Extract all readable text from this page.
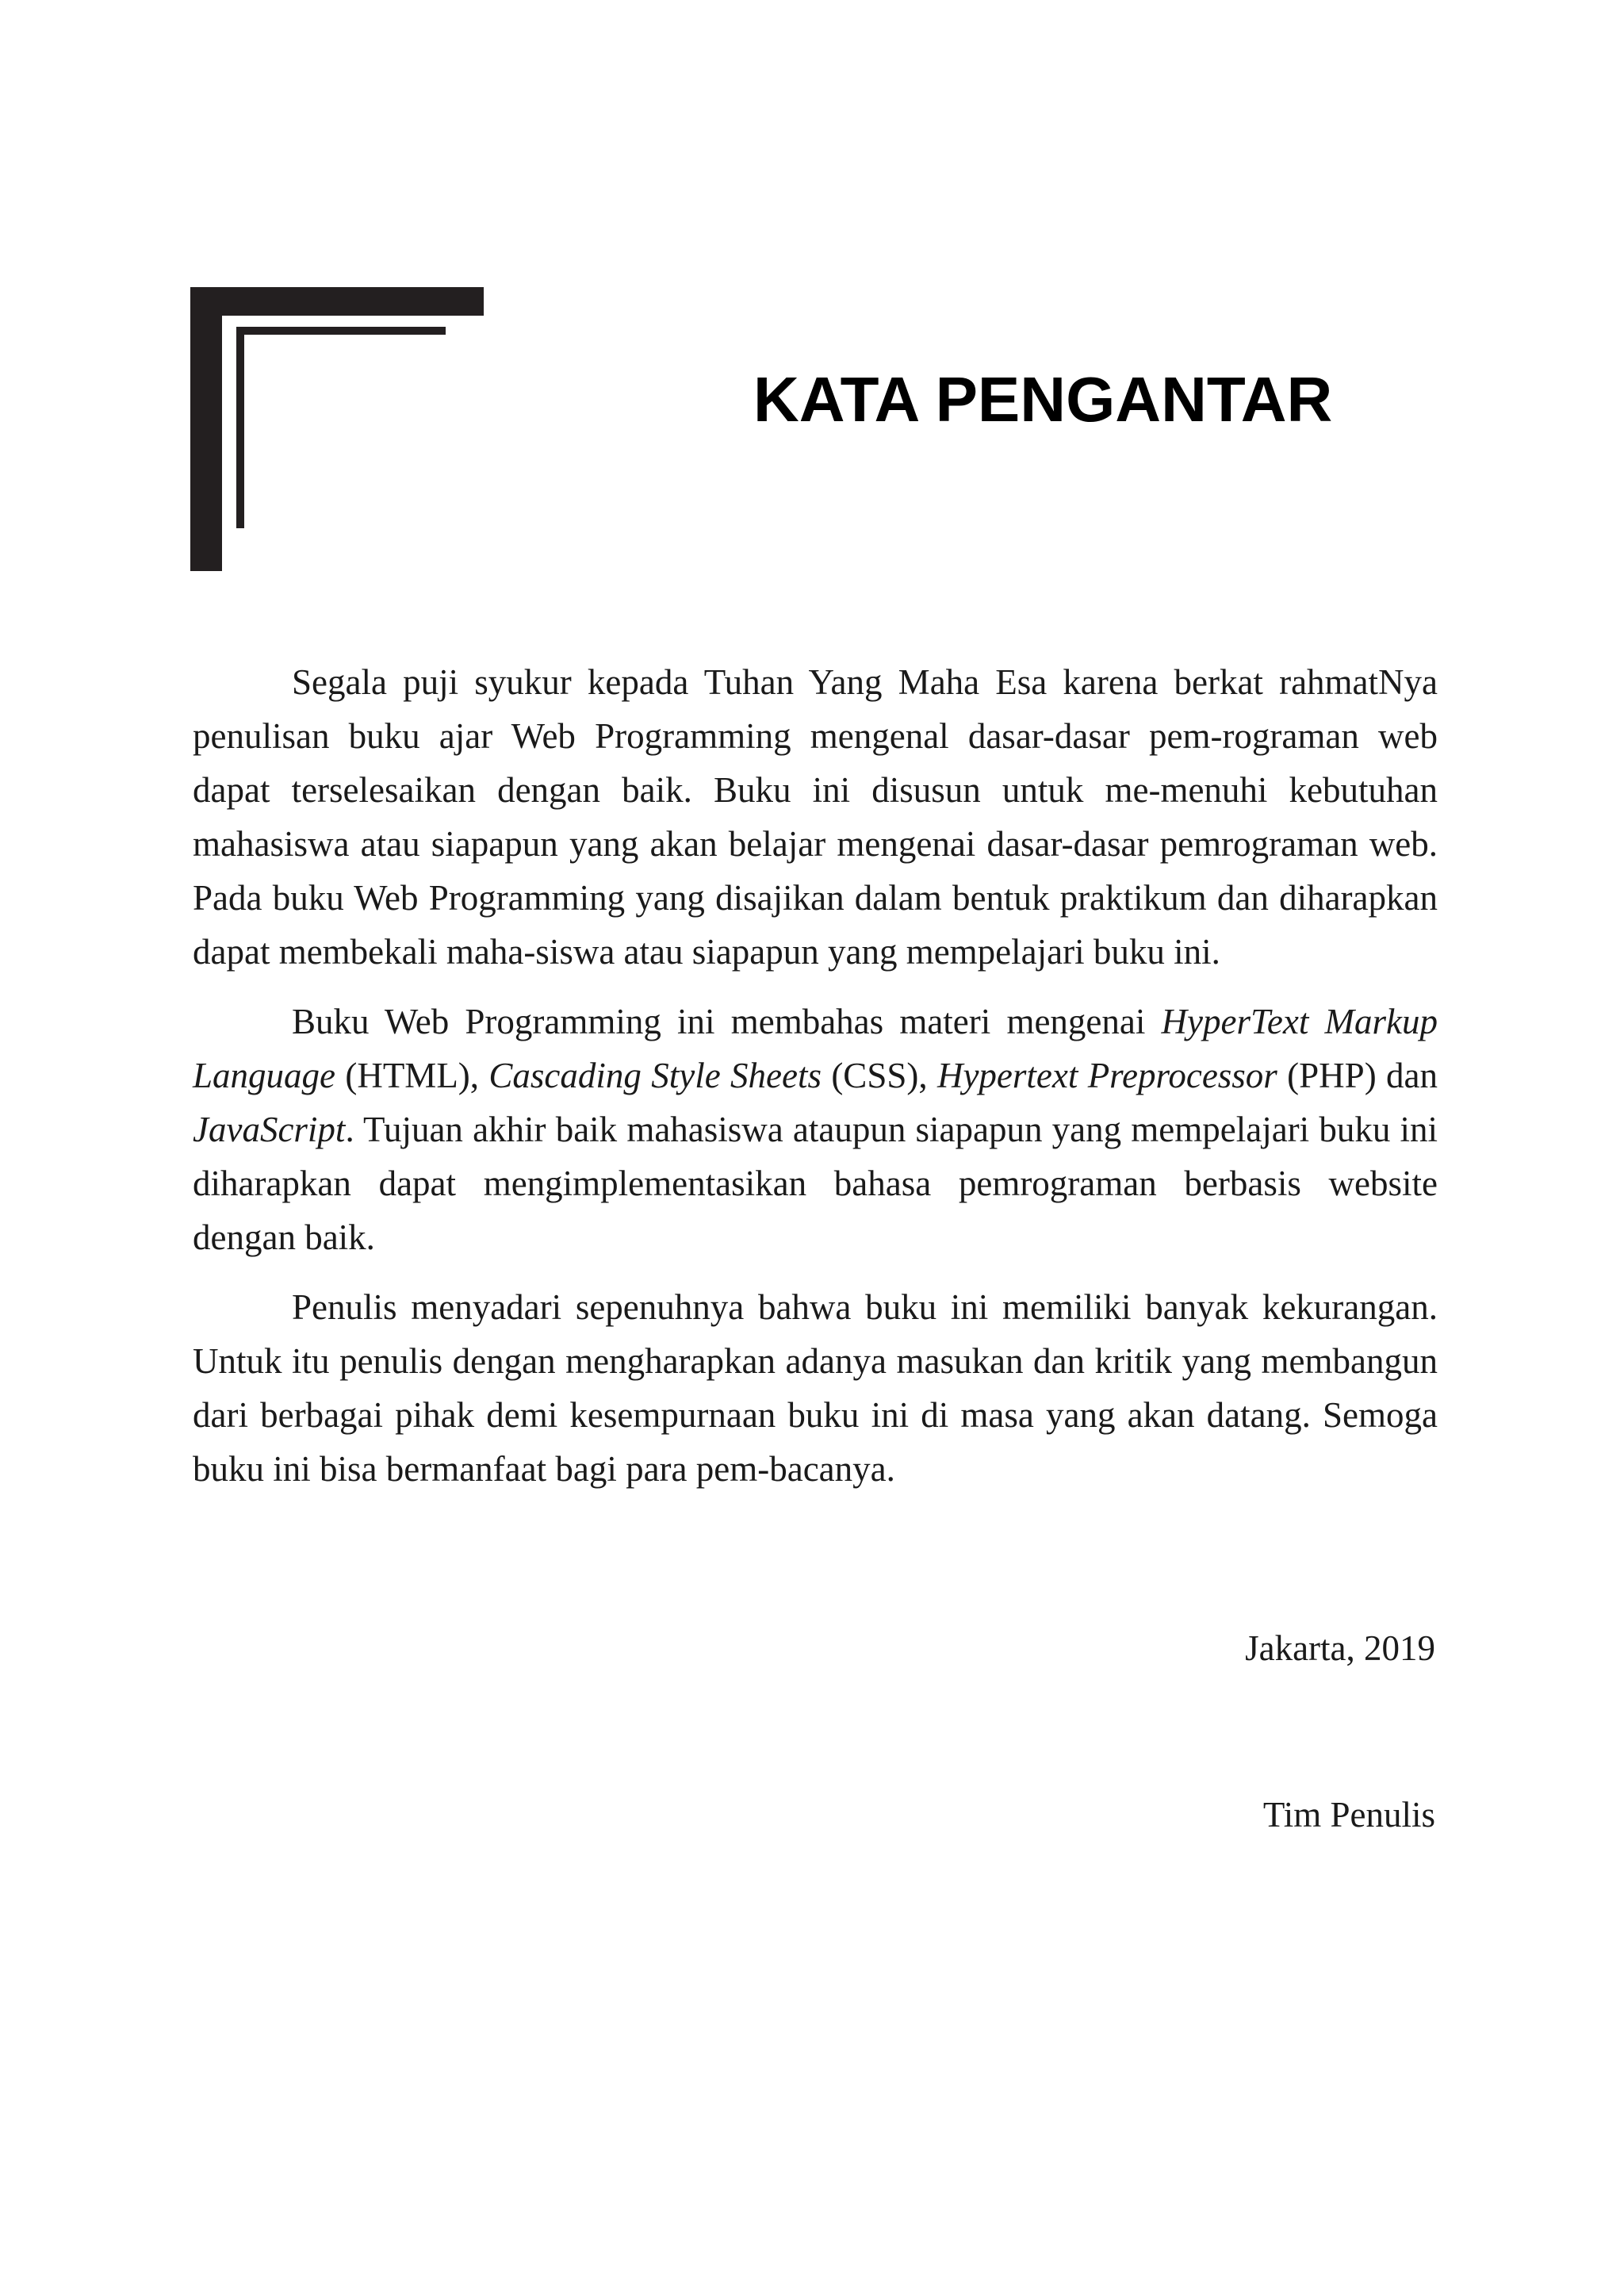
KATA PENGANTAR

Segala puji syukur kepada Tuhan Yang Maha Esa karena berkat rahmatNya penulisan buku ajar Web Programming mengenal dasar-dasar pem-rograman web dapat terselesaikan dengan baik. Buku ini disusun untuk me-menuhi kebutuhan mahasiswa atau siapapun yang akan belajar mengenai dasar-dasar pemrograman web. Pada buku Web Programming yang disajikan dalam bentuk praktikum dan diharapkan dapat membekali maha-siswa atau siapapun yang mempelajari buku ini.

Buku Web Programming ini membahas materi mengenai HyperText Markup Language (HTML), Cascading Style Sheets (CSS), Hypertext Preprocessor (PHP) dan JavaScript. Tujuan akhir baik mahasiswa ataupun siapapun yang mempelajari buku ini diharapkan dapat mengimplementasikan bahasa pemrograman berbasis website dengan baik.

Penulis menyadari sepenuhnya bahwa buku ini memiliki banyak kekurangan. Untuk itu penulis dengan mengharapkan adanya masukan dan kritik yang membangun dari berbagai pihak demi kesempurnaan buku ini di masa yang akan datang. Semoga buku ini bisa bermanfaat bagi para pem-bacanya.

Jakarta, 2019

Tim Penulis
